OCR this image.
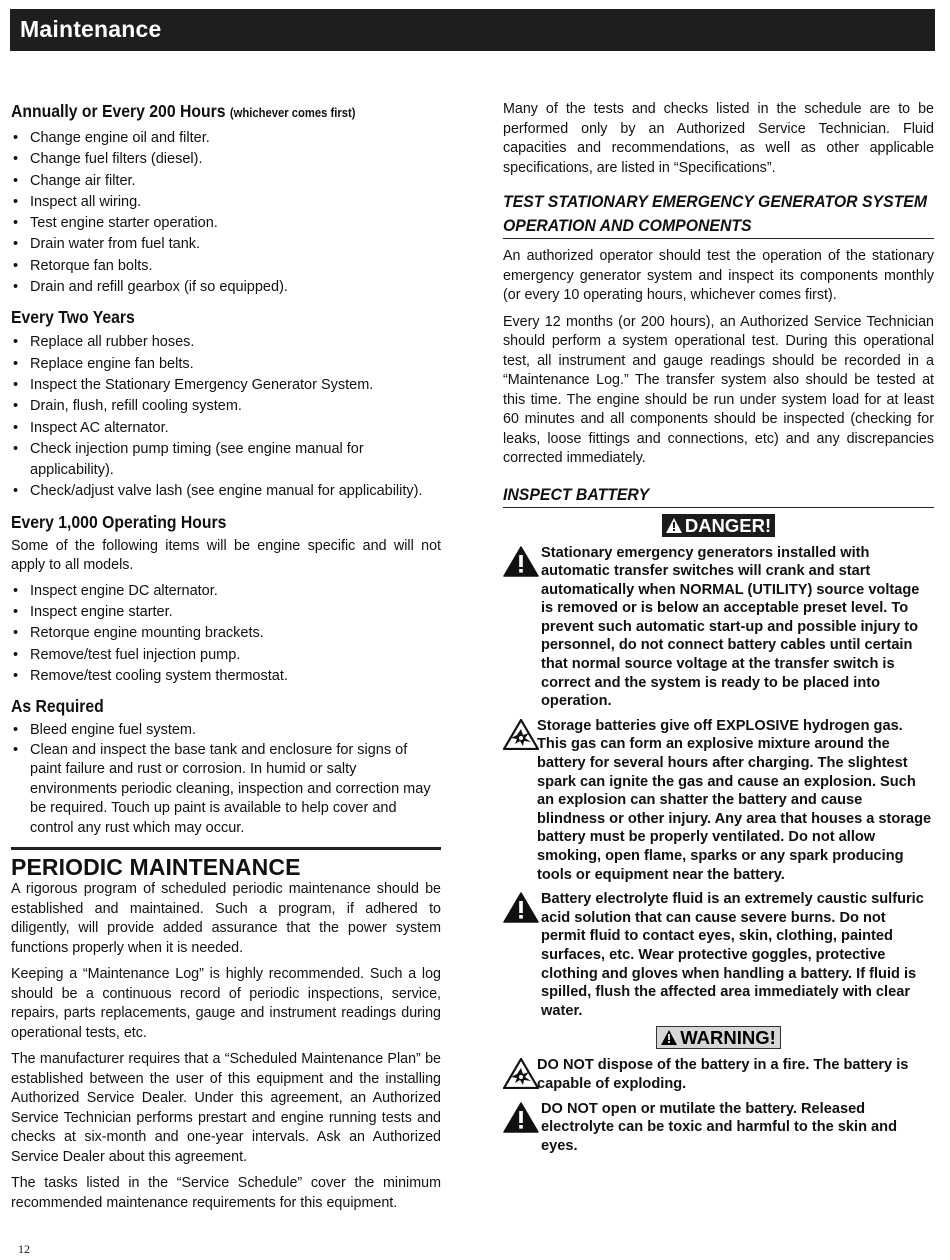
Maintenance
Annually or Every 200 Hours (whichever comes first)
• Change engine oil and filter.
• Change fuel filters (diesel).
• Change air filter.
• Inspect all wiring.
• Test engine starter operation.
• Drain water from fuel tank.
• Retorque fan bolts.
• Drain and refill gearbox (if so equipped).
Every Two Years
• Replace all rubber hoses.
• Replace engine fan belts.
• Inspect the Stationary Emergency Generator System.
• Drain, flush, refill cooling system.
• Inspect AC alternator.
• Check injection pump timing (see engine manual for applicability).
• Check/adjust valve lash (see engine manual for applicability).
Every 1,000 Operating Hours

Some of the following items will be engine specific and will not apply to all models.

• Inspect engine DC alternator.
• Inspect engine starter.
• Retorque engine mounting brackets.
• Remove/test fuel injection pump.
• Remove/test cooling system thermostat.
As Required
• Bleed engine fuel system.
• Clean and inspect the base tank and enclosure for signs of paint failure and rust or corrosion. In humid or salty environments periodic cleaning, inspection and correction may be required. Touch up paint is available to help cover and control any rust which may occur.
PERIODIC MAINTENANCE

A rigorous program of scheduled periodic maintenance should be established and maintained. Such a program, if adhered to diligently, will provide added assurance that the power system functions properly when it is needed.

Keeping a “Maintenance Log” is highly recommended. Such a log should be a continuous record of periodic inspections, service, repairs, parts replacements, gauge and instrument readings during operational tests, etc.

The manufacturer requires that a “Scheduled Maintenance Plan” be established between the user of this equipment and the installing Authorized Service Dealer. Under this agreement, an Authorized Service Technician performs prestart and engine running tests and checks at six-month and one-year intervals. Ask an Authorized Service Dealer about this agreement.

The tasks listed in the “Service Schedule” cover the minimum recommended maintenance requirements for this equipment.

Many of the tests and checks listed in the schedule are to be performed only by an Authorized Service Technician. Fluid capacities and recommendations, as well as other applicable specifications, are listed in “Specifications”.

TEST STATIONARY EMERGENCY GENERATOR SYSTEM
OPERATION AND COMPONENTS

An authorized operator should test the operation of the stationary emergency generator system and inspect its components monthly (or every 10 operating hours, whichever comes first).

Every 12 months (or 200 hours), an Authorized Service Technician should perform a system operational test. During this operational test, all instrument and gauge readings should be recorded in a “Maintenance Log.” The transfer system also should be tested at this time. The engine should be run under system load for at least 60 minutes and all components should be inspected (checking for leaks, loose fittings and connections, etc) and any discrepancies corrected immediately.

INSPECT BATTERY
DANGER!
Stationary emergency generators installed with automatic transfer switches will crank and start automatically when NORMAL (UTILITY) source voltage is removed or is below an acceptable preset level. To prevent such automatic start-up and possible injury to personnel, do not connect battery cables until certain that normal source voltage at the transfer switch is correct and the system is ready to be placed into operation.
Storage batteries give off EXPLOSIVE hydrogen gas. This gas can form an explosive mixture around the battery for several hours after charging. The slightest spark can ignite the gas and cause an explosion. Such an explosion can shatter the battery and cause blindness or other injury. Any area that houses a storage battery must be properly ventilated. Do not allow smoking, open flame, sparks or any spark producing tools or equipment near the battery.
Battery electrolyte fluid is an extremely caustic sulfuric acid solution that can cause severe burns. Do not permit fluid to contact eyes, skin, clothing, painted surfaces, etc. Wear protective goggles, protective clothing and gloves when handling a battery. If fluid is spilled, flush the affected area immediately with clear water.
WARNING!
DO NOT dispose of the battery in a fire. The battery is capable of exploding.
DO NOT open or mutilate the battery. Released electrolyte can be toxic and harmful to the skin and eyes.
12
